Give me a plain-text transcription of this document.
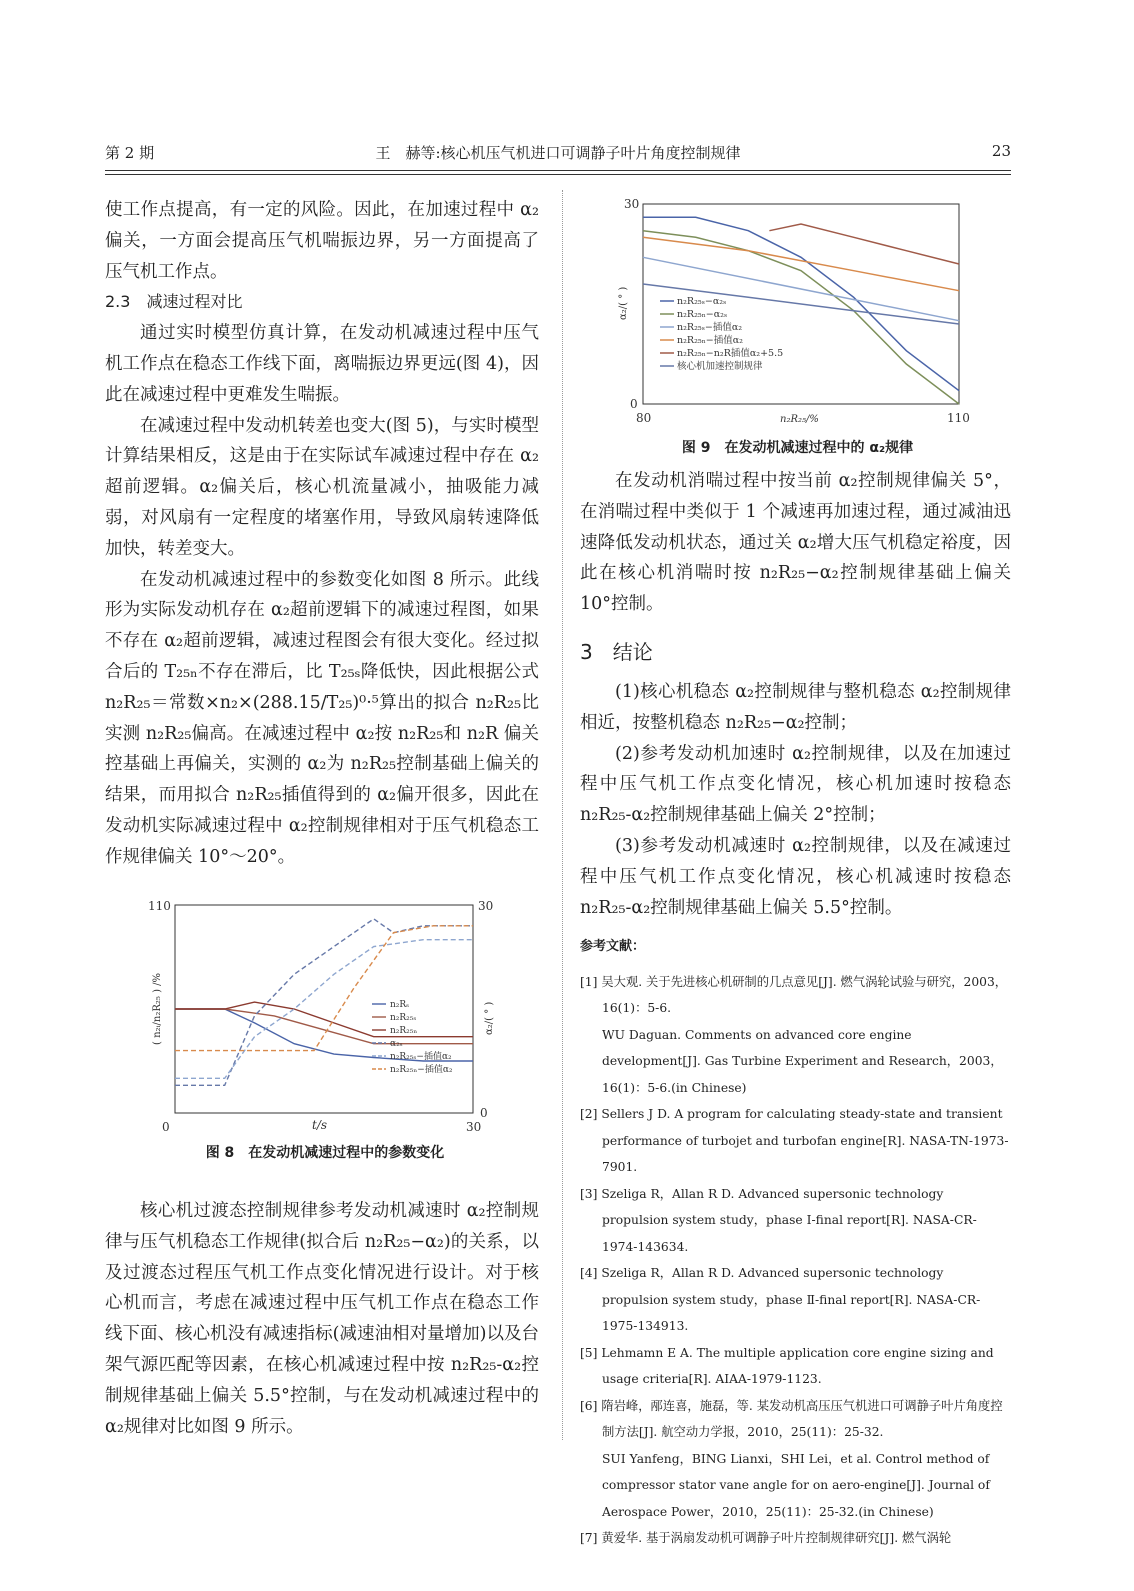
第 2 期	王　赫等:核心机压气机进口可调静子叶片角度控制规律	23

使工作点提高，有一定的风险。因此，在加速过程中 α₂偏关，一方面会提高压气机喘振边界，另一方面提高了压气机工作点。

2.3　减速过程对比

通过实时模型仿真计算，在发动机减速过程中压气机工作点在稳态工作线下面，离喘振边界更远(图 4)，因此在减速过程中更难发生喘振。

在减速过程中发动机转差也变大(图 5)，与实时模型计算结果相反，这是由于在实际试车减速过程中存在 α₂超前逻辑。α₂偏关后，核心机流量减小，抽吸能力减弱，对风扇有一定程度的堵塞作用，导致风扇转速降低加快，转差变大。

在发动机减速过程中的参数变化如图 8 所示。此线形为实际发动机存在 α₂超前逻辑下的减速过程图，如果不存在 α₂超前逻辑，减速过程图会有很大变化。经过拟合后的 T₂₅ₙ不存在滞后，比 T₂₅ₛ降低快，因此根据公式 n₂R₂₅＝常数×n₂×(288.15/T₂₅)⁰·⁵算出的拟合 n₂R₂₅比实测 n₂R₂₅偏高。在减速过程中 α₂按 n₂R₂₅和 n₂R 偏关控基础上再偏关，实测的 α₂为 n₂R₂₅控制基础上偏关的结果，而用拟合 n₂R₂₅插值得到的 α₂偏开很多，因此在发动机实际减速过程中 α₂控制规律相对于压气机稳态工作规律偏关 10°～20°。

110	30
0
0	30
t/s
( n₂ᵢ/n₂R₂₅ ) /%	α₂/( ° )
n₂Rₛ
n₂R₂₅ₛ
n₂R₂₅ₙ
α₂ₛ
n₂R₂₅ₛ−插值α₂
n₂R₂₅ₙ−插值α₂
图 8　在发动机减速过程中的参数变化

核心机过渡态控制规律参考发动机减速时 α₂控制规律与压气机稳态工作规律(拟合后 n₂R₂₅−α₂)的关系，以及过渡态过程压气机工作点变化情况进行设计。对于核心机而言，考虑在减速过程中压气机工作点在稳态工作线下面、核心机没有减速指标(减速油相对量增加)以及台架气源匹配等因素，在核心机减速过程中按 n₂R₂₅-α₂控制规律基础上偏关 5.5°控制，与在发动机减速过程中的 α₂规律对比如图 9 所示。

30
0
80	110
n₂R₂₅/%
α₂/( ° )	n₂R₂₅ₛ−α₂ₛ
n₂R₂₅ₙ−α₂ₛ
n₂R₂₅ₛ−插值α₂
n₂R₂₅ₙ−插值α₂
n₂R₂₅ₙ−n₂R插值α₂+5.5
核心机加速控制规律
图 9　在发动机减速过程中的 α₂规律

在发动机消喘过程中按当前 α₂控制规律偏关 5°，在消喘过程中类似于 1 个减速再加速过程，通过减油迅速降低发动机状态，通过关 α₂增大压气机稳定裕度，因此在核心机消喘时按 n₂R₂₅−α₂控制规律基础上偏关 10°控制。

3　结论

(1)核心机稳态 α₂控制规律与整机稳态 α₂控制规律相近，按整机稳态 n₂R₂₅−α₂控制；

(2)参考发动机加速时 α₂控制规律，以及在加速过程中压气机工作点变化情况，核心机加速时按稳态 n₂R₂₅-α₂控制规律基础上偏关 2°控制；

(3)参考发动机减速时 α₂控制规律，以及在减速过程中压气机工作点变化情况，核心机减速时按稳态 n₂R₂₅-α₂控制规律基础上偏关 5.5°控制。

参考文献：
[1] 吴大观. 关于先进核心机研制的几点意见[J]. 燃气涡轮试验与研究，2003，16(1)：5-6.
WU Daguan. Comments on advanced core engine development[J]. Gas Turbine Experiment and Research，2003，16(1)：5-6.(in Chinese)
[2] Sellers J D. A program for calculating steady-state and transient performance of turbojet and turbofan engine[R]. NASA-TN-1973-7901.
[3] Szeliga R，Allan R D. Advanced supersonic technology propulsion system study，phase Ⅰ-final report[R]. NASA-CR-1974-143634.
[4] Szeliga R，Allan R D. Advanced supersonic technology propulsion system study，phase Ⅱ-final report[R]. NASA-CR-1975-134913.
[5] Lehmamn E A. The multiple application core engine sizing and usage criteria[R]. AIAA-1979-1123.
[6] 隋岩峰，邴连喜，施磊，等. 某发动机高压压气机进口可调静子叶片角度控制方法[J]. 航空动力学报，2010，25(11)：25-32.
SUI Yanfeng，BING Lianxi，SHI Lei，et al. Control method of compressor stator vane angle for on aero-engine[J]. Journal of Aerospace Power，2010，25(11)：25-32.(in Chinese)
[7] 黄爱华. 基于涡扇发动机可调静子叶片控制规律研究[J]. 燃气涡轮
